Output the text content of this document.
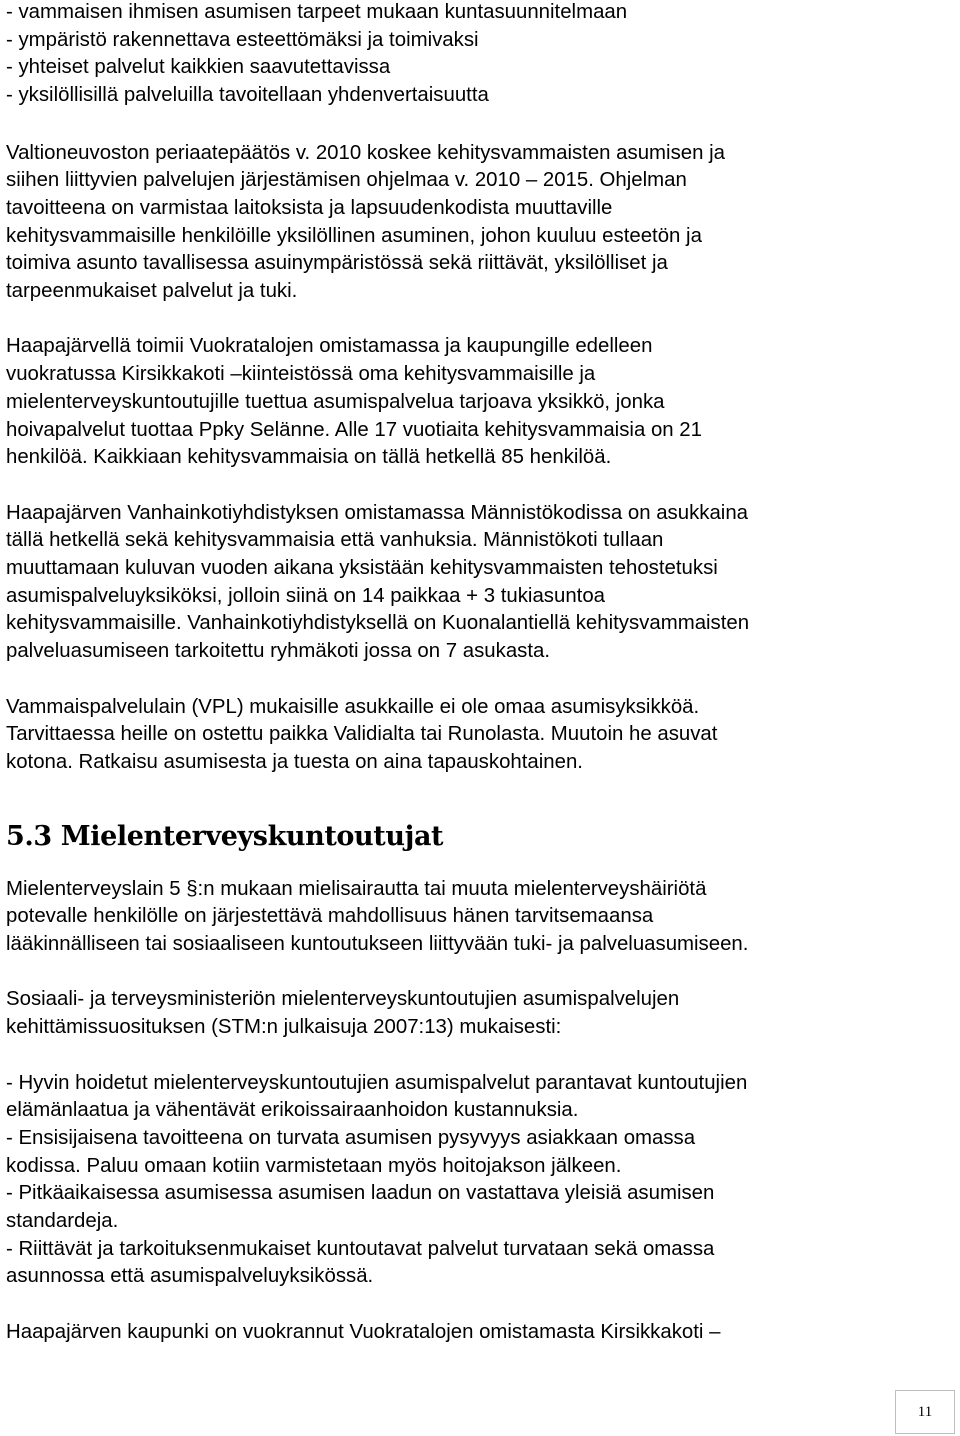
- vammaisen ihmisen asumisen tarpeet mukaan kuntasuunnitelmaan

- ympäristö rakennettava esteettömäksi ja toimivaksi

- yhteiset palvelut kaikkien saavutettavissa

- yksilöllisillä palveluilla tavoitellaan yhdenvertaisuutta

Valtioneuvoston periaatepäätös v. 2010 koskee kehitysvammaisten asumisen ja

siihen liittyvien palvelujen järjestämisen ohjelmaa v. 2010 – 2015. Ohjelman

tavoitteena on varmistaa laitoksista ja lapsuudenkodista muuttaville

kehitysvammaisille henkilöille yksilöllinen asuminen, johon kuuluu esteetön ja

toimiva asunto tavallisessa asuinympäristössä sekä riittävät, yksilölliset ja

tarpeenmukaiset palvelut ja tuki.

Haapajärvellä toimii Vuokratalojen omistamassa ja kaupungille edelleen

vuokratussa Kirsikkakoti –kiinteistössä oma kehitysvammaisille ja

mielenterveyskuntoutujille tuettua asumispalvelua tarjoava yksikkö, jonka

hoivapalvelut tuottaa Ppky Selänne. Alle 17 vuotiaita kehitysvammaisia on 21

henkilöä. Kaikkiaan kehitysvammaisia on tällä hetkellä 85 henkilöä.

Haapajärven Vanhainkotiyhdistyksen omistamassa Männistökodissa on asukkaina

tällä hetkellä sekä kehitysvammaisia että vanhuksia. Männistökoti tullaan

muuttamaan kuluvan vuoden aikana yksistään kehitysvammaisten tehostetuksi

asumispalveluyksiköksi, jolloin siinä on 14 paikkaa + 3 tukiasuntoa

kehitysvammaisille. Vanhainkotiyhdistyksellä on Kuonalantiellä kehitysvammaisten

palveluasumiseen tarkoitettu ryhmäkoti jossa on 7 asukasta.

Vammaispalvelulain (VPL) mukaisille asukkaille ei ole omaa asumisyksikköä.

Tarvittaessa heille on ostettu paikka Validialta tai Runolasta. Muutoin he asuvat

kotona. Ratkaisu asumisesta ja tuesta on aina tapauskohtainen.

5.3 Mielenterveyskuntoutujat

Mielenterveyslain 5 §:n mukaan mielisairautta tai muuta mielenterveyshäiriötä

potevalle henkilölle on järjestettävä mahdollisuus hänen tarvitsemaansa

lääkinnälliseen tai sosiaaliseen kuntoutukseen liittyvään tuki- ja palveluasumiseen.

Sosiaali- ja terveysministeriön mielenterveyskuntoutujien asumispalvelujen

kehittämissuosituksen (STM:n julkaisuja 2007:13) mukaisesti:

- Hyvin hoidetut mielenterveyskuntoutujien asumispalvelut parantavat kuntoutujien

elämänlaatua ja vähentävät erikoissairaanhoidon kustannuksia.

- Ensisijaisena tavoitteena on turvata asumisen pysyvyys asiakkaan omassa

kodissa. Paluu omaan kotiin varmistetaan myös hoitojakson jälkeen.

- Pitkäaikaisessa asumisessa asumisen laadun on vastattava yleisiä asumisen

standardeja.

- Riittävät ja tarkoituksenmukaiset kuntoutavat palvelut turvataan sekä omassa

asunnossa että asumispalveluyksikössä.

Haapajärven kaupunki on vuokrannut Vuokratalojen omistamasta Kirsikkakoti –

11
